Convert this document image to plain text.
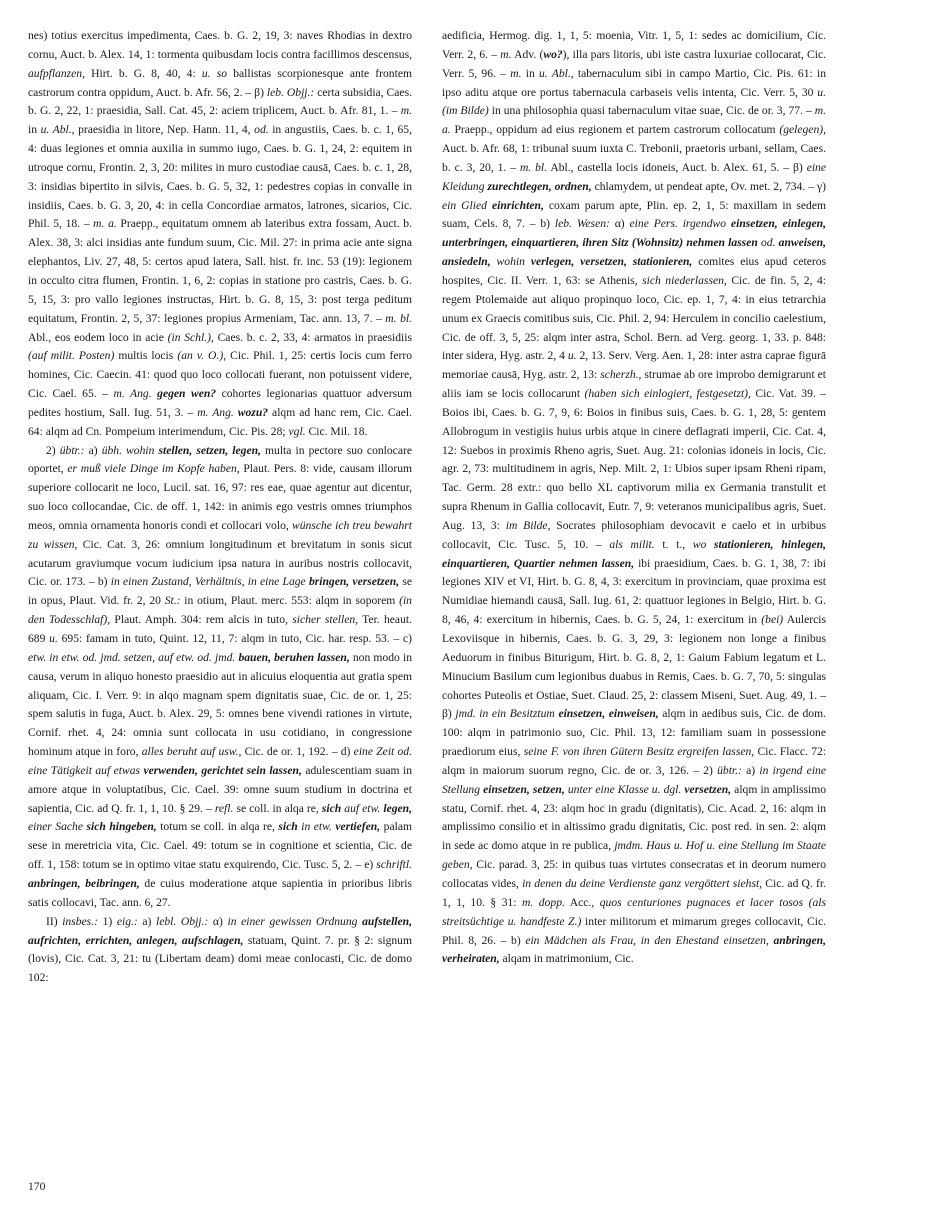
nes) totius exercitus impedimenta, Caes. b. G. 2, 19, 3: naves Rhodias in dextro cornu, Auct. b. Alex. 14, 1: tormenta quibusdam locis contra facillimos descensus, aufpflanzen, Hirt. b. G. 8, 40, 4: u. so ballistas scorpionesque ante frontem castrorum contra oppidum, Auct. b. Afr. 56, 2. – β) leb. Objj.: certa subsidia, Caes. b. G. 2, 22, 1: praesidia, Sall. Cat. 45, 2: aciem triplicem, Auct. b. Afr. 81, 1. – m. in u. Abl., praesidia in litore, Nep. Hann. 11, 4, od. in angustiis, Caes. b. c. 1, 65, 4: duas legiones et omnia auxilia in summo iugo, Caes. b. G. 1, 24, 2: equitem in utroque cornu, Frontin. 2, 3, 20: milites in muro custodiae causā, Caes. b. c. 1, 28, 3: insidias bipertito in silvis, Caes. b. G. 5, 32, 1: pedestres copias in convalle in insidiis, Caes. b. G. 3, 20, 4: in cella Concordiae armatos, latrones, sicarios, Cic. Phil. 5, 18. – m. a. Praepp., equitatum omnem ab lateribus extra fossam, Auct. b. Alex. 38, 3: alci insidias ante fundum suum, Cic. Mil. 27: in prima acie ante signa elephantos, Liv. 27, 48, 5: certos apud latera, Sall. hist. fr. inc. 53 (19): legionem in occulto citra flumen, Frontin. 1, 6, 2: copias in statione pro castris, Caes. b. G. 5, 15, 3: pro vallo legiones instructas, Hirt. b. G. 8, 15, 3: post terga peditum equitatum, Frontin. 2, 5, 37: legiones propius Armeniam, Tac. ann. 13, 7. – m. bl. Abl., eos eodem loco in acie (in Schl.), Caes. b. c. 2, 33, 4: armatos in praesidiis (auf milit. Posten) multis locis (an v. O.), Cic. Phil. 1, 25: certis locis cum ferro homines, Cic. Caecin. 41: quod quo loco collocati fuerant, non potuissent videre, Cic. Cael. 65. – m. Ang. gegen wen? cohortes legionarias quattuor adversum pedites hostium, Sall. Iug. 51, 3. – m. Ang. wozu? alqm ad hanc rem, Cic. Cael. 64: alqm ad Cn. Pompeium interimendum, Cic. Pis. 28; vgl. Cic. Mil. 18.

2) übtr.: a) übh. wohin stellen, setzen, legen, multa in pectore suo conlocare oportet, er muß viele Dinge im Kopfe haben, Plaut. Pers. 8: vide, causam illorum superiore collocarit ne loco, Lucil. sat. 16, 97: res eae, quae agentur aut dicentur, suo loco collocandae, Cic. de off. 1, 142: in animis ego vestris omnes triumphos meos, omnia ornamenta honoris condi et collocari volo, wünsche ich treu bewahrt zu wissen, Cic. Cat. 3, 26: omnium longitudinum et brevitatum in sonis sicut acutarum graviumque vocum iudicium ipsa natura in auribus nostris collocavit, Cic. or. 173. – b) in einen Zustand, Verhältnis, in eine Lage bringen, versetzen, se in opus, Plaut. Vid. fr. 2, 20 St.: in otium, Plaut. merc. 553: alqm in soporem (in den Todesschlaf), Plaut. Amph. 304: rem alcis in tuto, sicher stellen, Ter. heaut. 689 u. 695: famam in tuto, Quint. 12, 11, 7: alqm in tuto, Cic. har. resp. 53. – c) etw. in etw. od. jmd. setzen, auf etw. od. jmd. bauen, beruhen lassen, non modo in causa, verum in aliquo honesto praesidio aut in alicuius eloquentia aut gratia spem aliquam, Cic. I. Verr. 9: in alqo magnam spem dignitatis suae, Cic. de or. 1, 25: spem salutis in fuga, Auct. b. Alex. 29, 5: omnes bene vivendi rationes in virtute, Cornif. rhet. 4, 24: omnia sunt collocata in usu cotidiano, in congressione hominum atque in foro, alles beruht auf usw., Cic. de or. 1, 192. – d) eine Zeit od. eine Tätigkeit auf etwas verwenden, gerichtet sein lassen, adulescentiam suam in amore atque in voluptatibus, Cic. Cael. 39: omne suum studium in doctrina et sapientia, Cic. ad Q. fr. 1, 1, 10. § 29. – refl. se coll. in alqa re, sich auf etw. legen, einer Sache sich hingeben, totum se coll. in alqa re, sich in etw. vertiefen, palam sese in meretricia vita, Cic. Cael. 49: totum se in cognitione et scientia, Cic. de off. 1, 158: totum se in optimo vitae statu exquirendo, Cic. Tusc. 5, 2. – e) schriftl. anbringen, beibringen, de cuius moderatione atque sapientia in prioribus libris satis collocavi, Tac. ann. 6, 27.

II) insbes.: 1) eig.: a) lebl. Objj.: α) in einer gewissen Ordnung aufstellen, aufrichten, errichten, anlegen, aufschlagen, statuam, Quint. 7. pr. § 2: signum (lovis), Cic. Cat. 3, 21: tu (Libertam deam) domi meae conlocasti, Cic. de domo 102:

aedificia, Hermog. dig. 1, 1, 5: moenia, Vitr. 1, 5, 1: sedes ac domicilium, Cic. Verr. 2, 6. – m. Adv. (wo?), illa pars litoris, ubi iste castra luxuriae collocarat, Cic. Verr. 5, 96. – m. in u. Abl., tabernaculum sibi in campo Martio, Cic. Pis. 61: in ipso aditu atque ore portus tabernacula carbaseis velis intenta, Cic. Verr. 5, 30 u. (im Bilde) in una philosophia quasi tabernaculum vitae suae, Cic. de or. 3, 77. – m. a. Praepp., oppidum ad eius regionem et partem castrorum collocatum (gelegen), Auct. b. Afr. 68, 1: tribunal suum iuxta C. Trebonii, praetoris urbani, sellam, Caes. b. c. 3, 20, 1. – m. bl. Abl., castella locis idoneis, Auct. b. Alex. 61, 5. – β) eine Kleidung zurechtlegen, ordnen, chlamydem, ut pendeat apte, Ov. met. 2, 734. – γ) ein Glied einrichten, coxam parum apte, Plin. ep. 2, 1, 5: maxillam in sedem suam, Cels. 8, 7. – b) leb. Wesen: α) eine Pers. irgendwo einsetzen, einlegen, unterbringen, einquartieren, ihren Sitz (Wohnsitz) nehmen lassen od. anweisen, ansiedeln, wohin verlegen, versetzen, stationieren, comites eius apud ceteros hospites, Cic. II. Verr. 1, 63: se Athenis, sich niederlassen, Cic. de fin. 5, 2, 4: regem Ptolemaide aut aliquo propinquo loco, Cic. ep. 1, 7, 4: in eius tetrarchia unum ex Graecis comitibus suis, Cic. Phil. 2, 94: Herculem in concilio caelestium, Cic. de off. 3, 5, 25: alqm inter astra, Schol. Bern. ad Verg. georg. 1, 33. p. 848: inter sidera, Hyg. astr. 2, 4 u. 2, 13. Serv. Verg. Aen. 1, 28: inter astra caprae figurā memoriae causā, Hyg. astr. 2, 13: scherzh., strumae ab ore improbo demigrarunt et aliis iam se locis collocarunt (haben sich einlogiert, festgesetzt), Cic. Vat. 39. – Boios ibi, Caes. b. G. 7, 9, 6: Boios in finibus suis, Caes. b. G. 1, 28, 5: gentem Allobrogum in vestigiis huius urbis atque in cinere deflagrati imperii, Cic. Cat. 4, 12: Suebos in proximis Rheno agris, Suet. Aug. 21: colonias idoneis in locis, Cic. agr. 2, 73: multitudinem in agris, Nep. Milt. 2, 1: Ubios super ipsam Rheni ripam, Tac. Germ. 28 extr.: quo bello XL captivorum milia ex Germania transtulit et supra Rhenum in Gallia collocavit, Eutr. 7, 9: veteranos municipalibus agris, Suet. Aug. 13, 3: im Bilde, Socrates philosophiam devocavit e caelo et in urbibus collocavit, Cic. Tusc. 5, 10. – als milit. t. t., wo stationieren, hinlegen, einquartieren, Quartier nehmen lassen, ibi praesidium, Caes. b. G. 1, 38, 7: ibi legiones XIV et VI, Hirt. b. G. 8, 4, 3: exercitum in provinciam, quae proxima est Numidiae hiemandi causā, Sall. Iug. 61, 2: quattuor legiones in Belgio, Hirt. b. G. 8, 46, 4: exercitum in hibernis, Caes. b. G. 5, 24, 1: exercitum in (bei) Aulercis Lexoviisque in hibernis, Caes. b. G. 3, 29, 3: legionem non longe a finibus Aeduorum in finibus Biturigum, Hirt. b. G. 8, 2, 1: Gaium Fabium legatum et L. Minucium Basilum cum legionibus duabus in Remis, Caes. b. G. 7, 70, 5: singulas cohortes Puteolis et Ostiae, Suet. Claud. 25, 2: classem Miseni, Suet. Aug. 49, 1. – β) jmd. in ein Besitztum einsetzen, einweisen, alqm in aedibus suis, Cic. de dom. 100: alqm in patrimonio suo, Cic. Phil. 13, 12: familiam suam in possessione praediorum eius, seine F. von ihren Gütern Besitz ergreifen lassen, Cic. Flacc. 72: alqm in maiorum suorum regno, Cic. de or. 3, 126. – 2) übtr.: a) in irgend eine Stellung einsetzen, setzen, unter eine Klasse u. dgl. versetzen, alqm in amplissimo statu, Cornif. rhet. 4, 23: alqm hoc in gradu (dignitatis), Cic. Acad. 2, 16: alqm in amplissimo consilio et in altissimo gradu dignitatis, Cic. post red. in sen. 2: alqm in sede ac domo atque in re publica, jmdm. Haus u. Hof u. eine Stellung im Staate geben, Cic. parad. 3, 25: in quibus tuas virtutes consecratas et in deorum numero collocatas vides, in denen du deine Verdienste ganz vergöttert siehst, Cic. ad Q. fr. 1, 1, 10. § 31: m. dopp. Acc., quos centuriones pugnaces et lacer tosos (als streitsüchtige u. handfeste Z.) inter militorum et mimarum greges collocavit, Cic. Phil. 8, 26. – b) ein Mädchen als Frau, in den Ehestand einsetzen, anbringen, verheiraten, alqam in matrimonium, Cic.

170
